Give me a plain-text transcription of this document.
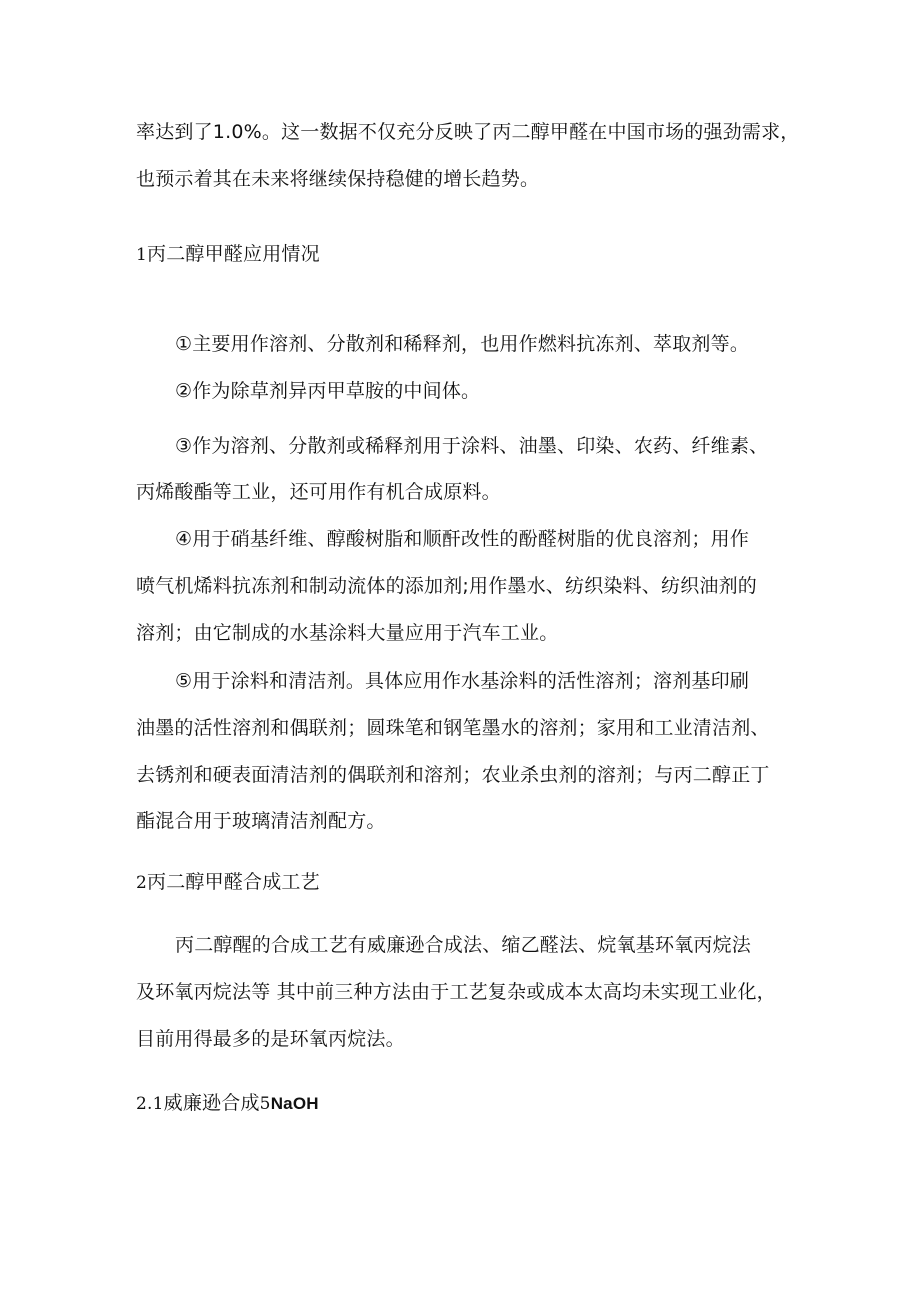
率达到了1.0%。这一数据不仅充分反映了丙二醇甲醛在中国市场的强劲需求，
也预示着其在未来将继续保持稳健的增长趋势。
1丙二醇甲醛应用情况
①主要用作溶剂、分散剂和稀释剂，也用作燃料抗冻剂、萃取剂等。
②作为除草剂异丙甲草胺的中间体。
③作为溶剂、分散剂或稀释剂用于涂料、油墨、印染、农药、纤维素、
丙烯酸酯等工业，还可用作有机合成原料。
④用于硝基纤维、醇酸树脂和顺酐改性的酚醛树脂的优良溶剂；用作
喷气机烯料抗冻剂和制动流体的添加剂;用作墨水、纺织染料、纺织油剂的
溶剂；由它制成的水基涂料大量应用于汽车工业。
⑤用于涂料和清洁剂。具体应用作水基涂料的活性溶剂；溶剂基印刷
油墨的活性溶剂和偶联剂；圆珠笔和钢笔墨水的溶剂；家用和工业清洁剂、
去锈剂和硬表面清洁剂的偶联剂和溶剂；农业杀虫剂的溶剂；与丙二醇正丁
酯混合用于玻璃清洁剂配方。
2丙二醇甲醛合成工艺
丙二醇醒的合成工艺有威廉逊合成法、缩乙醛法、烷氧基环氧丙烷法
及环氧丙烷法等 其中前三种方法由于工艺复杂或成本太高均未实现工业化，
目前用得最多的是环氧丙烷法。
2.1威廉逊合成5NaOH
